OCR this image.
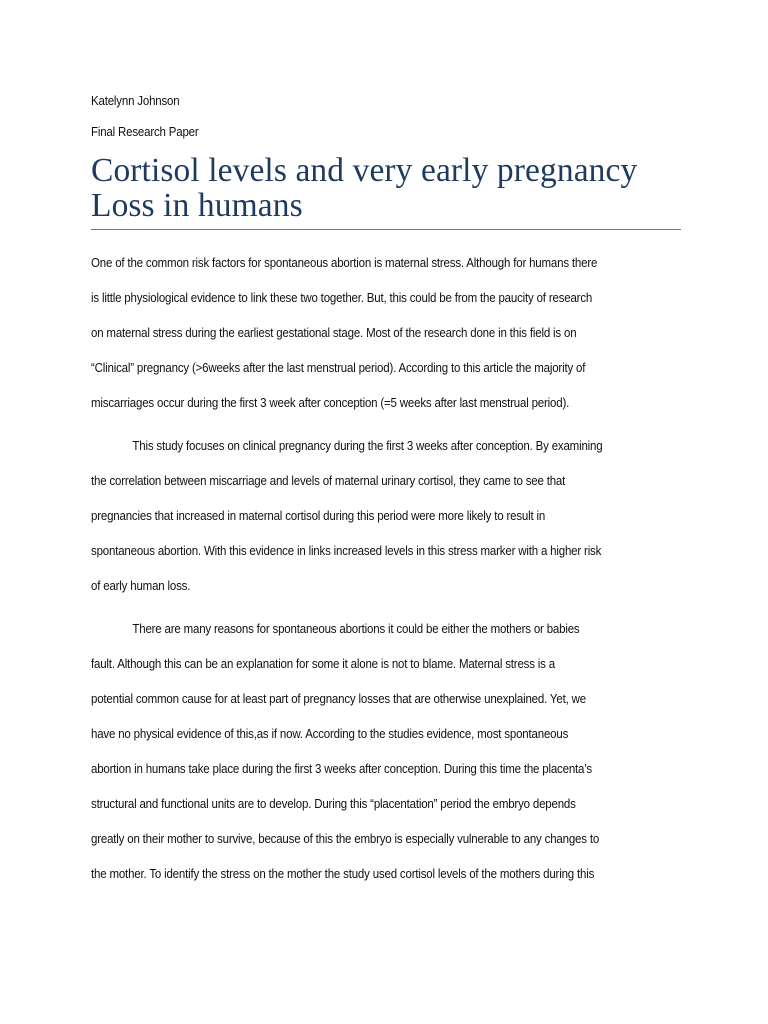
Katelynn Johnson
Final Research Paper
Cortisol levels and very early pregnancy
Loss in humans
One of the common risk factors for spontaneous abortion is maternal stress. Although for humans there
is little physiological evidence to link these two together. But, this could be from the paucity of research
on maternal stress during the earliest gestational stage. Most of the research done in this field is on
“Clinical” pregnancy (>6weeks after the last menstrual period). According to this article the majority of
miscarriages occur during the first 3 week after conception (=5 weeks after last menstrual period).
This study focuses on clinical pregnancy during the first 3 weeks after conception. By examining
the correlation between miscarriage and levels of maternal urinary cortisol, they came to see that
pregnancies that increased in maternal cortisol during this period were more likely to result in
spontaneous abortion. With this evidence in links increased levels in this stress marker with a higher risk
of early human loss.
There are many reasons for spontaneous abortions it could be either the mothers or babies
fault. Although this can be an explanation for some it alone is not to blame. Maternal stress is a
potential common cause for at least part of pregnancy losses that are otherwise unexplained. Yet, we
have no physical evidence of this,as if now. According to the studies evidence, most spontaneous
abortion in humans take place during the first 3 weeks after conception. During this time the placenta’s
structural and functional units are to develop. During this “placentation” period the embryo depends
greatly on their mother to survive, because of this the embryo is especially vulnerable to any changes to
the mother. To identify the stress on the mother the study used cortisol levels of the mothers during this
